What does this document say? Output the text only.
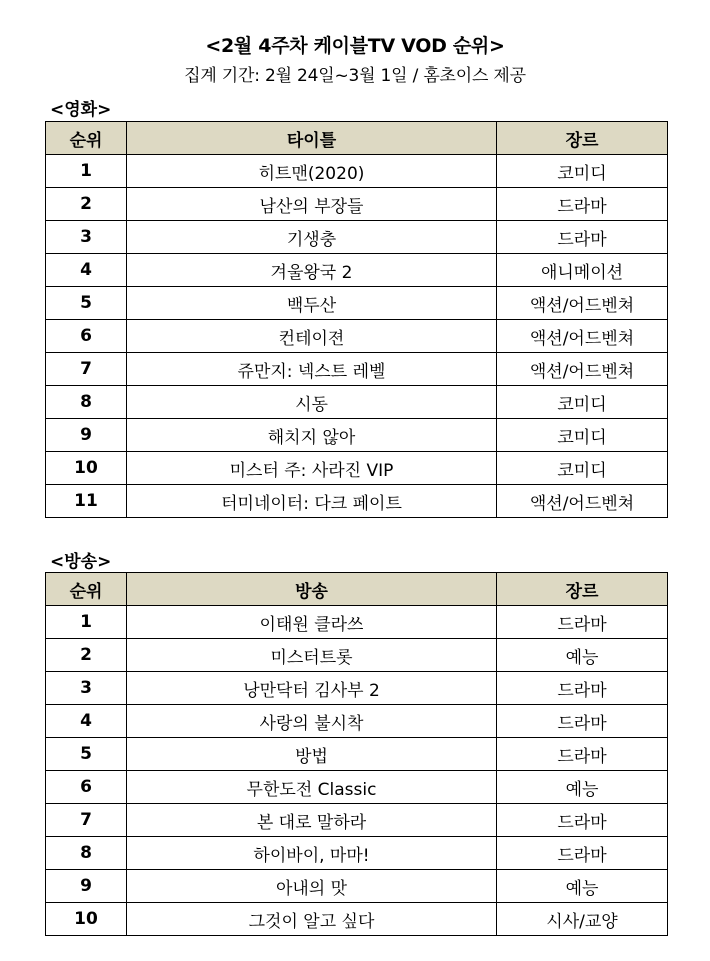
<2월 4주차 케이블TV VOD 순위>
집계 기간: 2월 24일~3월 1일 / 홈초이스 제공
<영화>
순위	타이틀	장르
1	히트맨(2020)	코미디
2	남산의 부장들	드라마
3	기생충	드라마
4	겨울왕국 2	애니메이션
5	백두산	액션/어드벤쳐
6	컨테이젼	액션/어드벤쳐
7	쥬만지: 넥스트 레벨	액션/어드벤쳐
8	시동	코미디
9	해치지 않아	코미디
10	미스터 주: 사라진 VIP	코미디
11	터미네이터: 다크 페이트	액션/어드벤쳐
<방송>
순위	방송	장르
1	이태원 클라쓰	드라마
2	미스터트롯	예능
3	낭만닥터 김사부 2	드라마
4	사랑의 불시착	드라마
5	방법	드라마
6	무한도전 Classic	예능
7	본 대로 말하라	드라마
8	하이바이, 마마!	드라마
9	아내의 맛	예능
10	그것이 알고 싶다	시사/교양
